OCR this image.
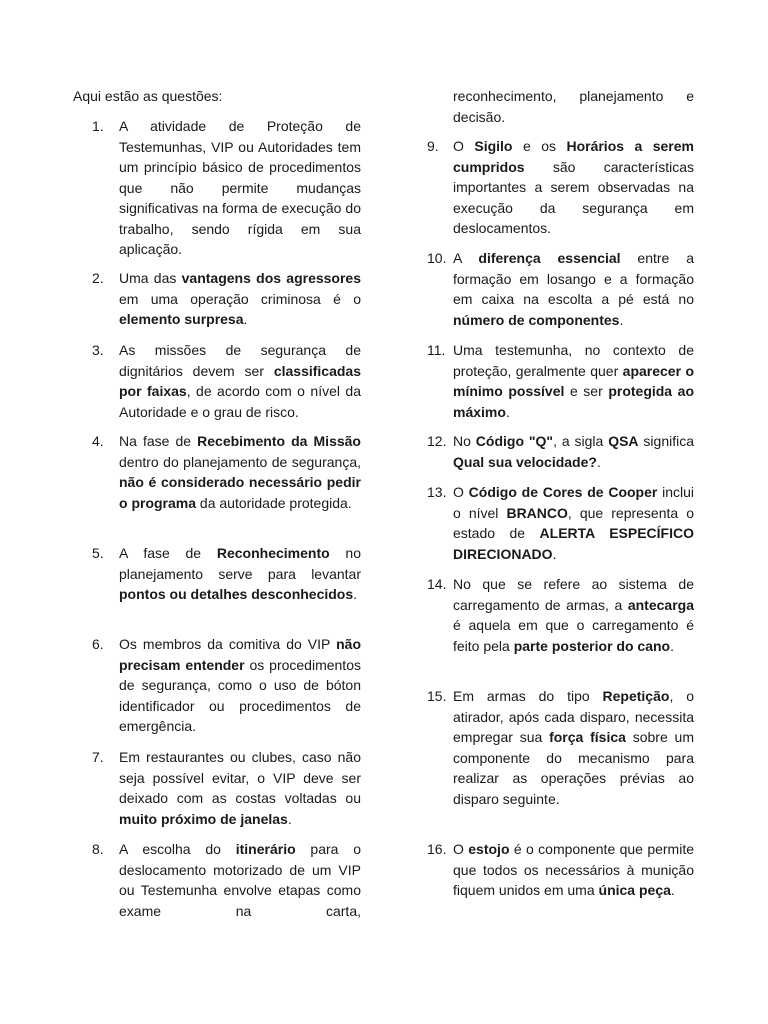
Aqui estão as questões:
1. A atividade de Proteção de Testemunhas, VIP ou Autoridades tem um princípio básico de procedimentos que não permite mudanças significativas na forma de execução do trabalho, sendo rígida em sua aplicação.
2. Uma das vantagens dos agressores em uma operação criminosa é o elemento surpresa.
3. As missões de segurança de dignitários devem ser classificadas por faixas, de acordo com o nível da Autoridade e o grau de risco.
4. Na fase de Recebimento da Missão dentro do planejamento de segurança, não é considerado necessário pedir o programa da autoridade protegida.
5. A fase de Reconhecimento no planejamento serve para levantar pontos ou detalhes desconhecidos.
6. Os membros da comitiva do VIP não precisam entender os procedimentos de segurança, como o uso de bóton identificador ou procedimentos de emergência.
7. Em restaurantes ou clubes, caso não seja possível evitar, o VIP deve ser deixado com as costas voltadas ou muito próximo de janelas.
8. A escolha do itinerário para o deslocamento motorizado de um VIP ou Testemunha envolve etapas como exame na carta,
reconhecimento, planejamento e decisão.
9. O Sigilo e os Horários a serem cumpridos são características importantes a serem observadas na execução da segurança em deslocamentos.
10. A diferença essencial entre a formação em losango e a formação em caixa na escolta a pé está no número de componentes.
11. Uma testemunha, no contexto de proteção, geralmente quer aparecer o mínimo possível e ser protegida ao máximo.
12. No Código "Q", a sigla QSA significa Qual sua velocidade?.
13. O Código de Cores de Cooper inclui o nível BRANCO, que representa o estado de ALERTA ESPECÍFICO DIRECIONADO.
14. No que se refere ao sistema de carregamento de armas, a antecarga é aquela em que o carregamento é feito pela parte posterior do cano.
15. Em armas do tipo Repetição, o atirador, após cada disparo, necessita empregar sua força física sobre um componente do mecanismo para realizar as operações prévias ao disparo seguinte.
16. O estojo é o componente que permite que todos os necessários à munição fiquem unidos em uma única peça.
